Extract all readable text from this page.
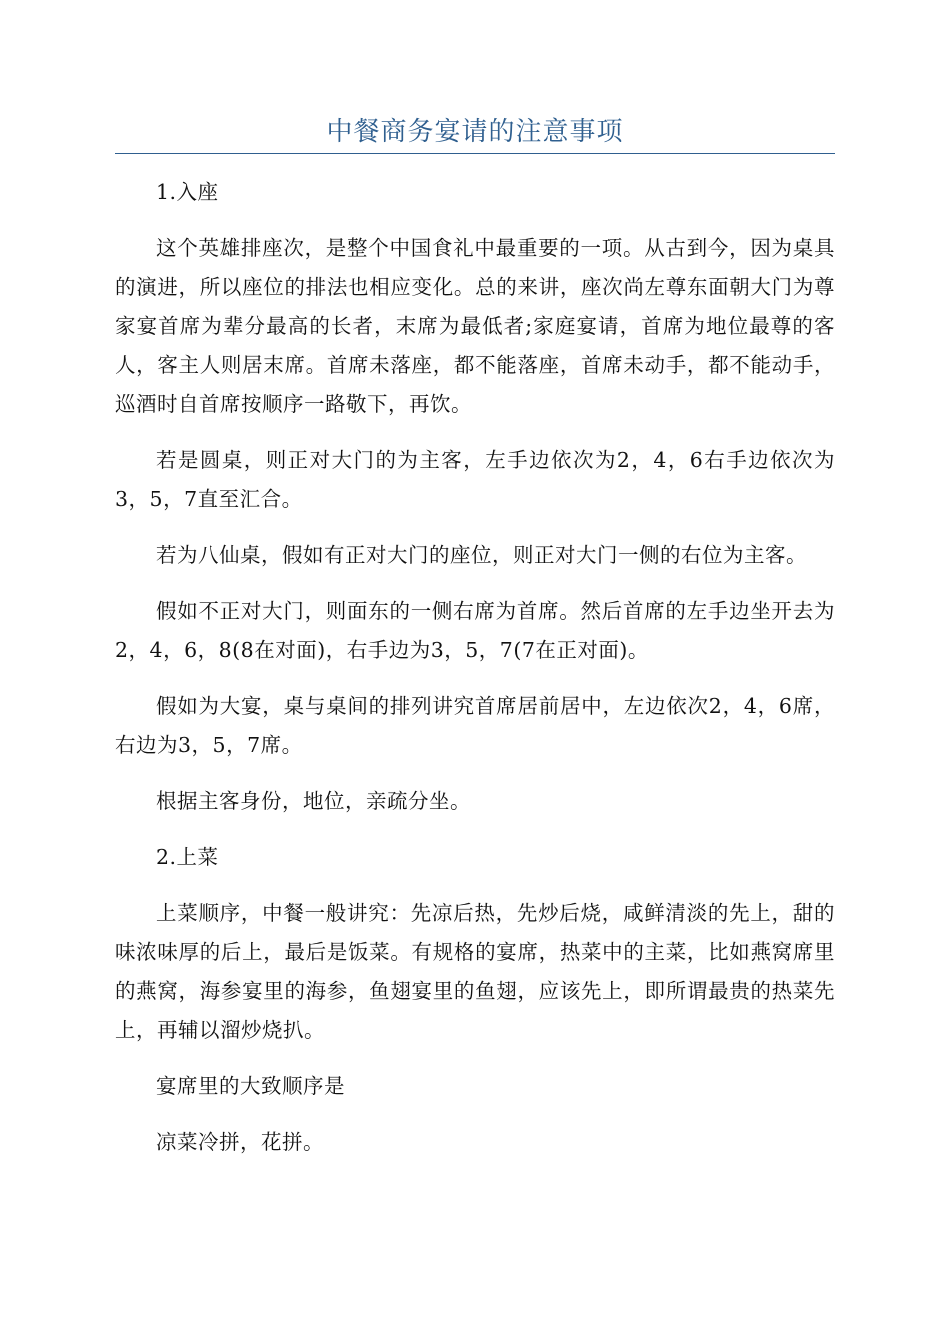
中餐商务宴请的注意事项

1.入座

这个英雄排座次，是整个中国食礼中最重要的一项。从古到今，因为桌具的演进，所以座位的排法也相应变化。总的来讲，座次尚左尊东面朝大门为尊家宴首席为辈分最高的长者，末席为最低者;家庭宴请，首席为地位最尊的客人，客主人则居末席。首席未落座，都不能落座，首席未动手，都不能动手，巡酒时自首席按顺序一路敬下，再饮。

若是圆桌，则正对大门的为主客，左手边依次为2，4，6右手边依次为3，5，7直至汇合。

若为八仙桌，假如有正对大门的座位，则正对大门一侧的右位为主客。

假如不正对大门，则面东的一侧右席为首席。然后首席的左手边坐开去为2，4，6，8(8在对面)，右手边为3，5，7(7在正对面)。

假如为大宴，桌与桌间的排列讲究首席居前居中，左边依次2，4，6席，右边为3，5，7席。

根据主客身份，地位，亲疏分坐。

2.上菜

上菜顺序，中餐一般讲究：先凉后热，先炒后烧，咸鲜清淡的先上，甜的味浓味厚的后上，最后是饭菜。有规格的宴席，热菜中的主菜，比如燕窝席里的燕窝，海参宴里的海参，鱼翅宴里的鱼翅，应该先上，即所谓最贵的热菜先上，再辅以溜炒烧扒。

宴席里的大致顺序是

凉菜冷拼，花拼。
